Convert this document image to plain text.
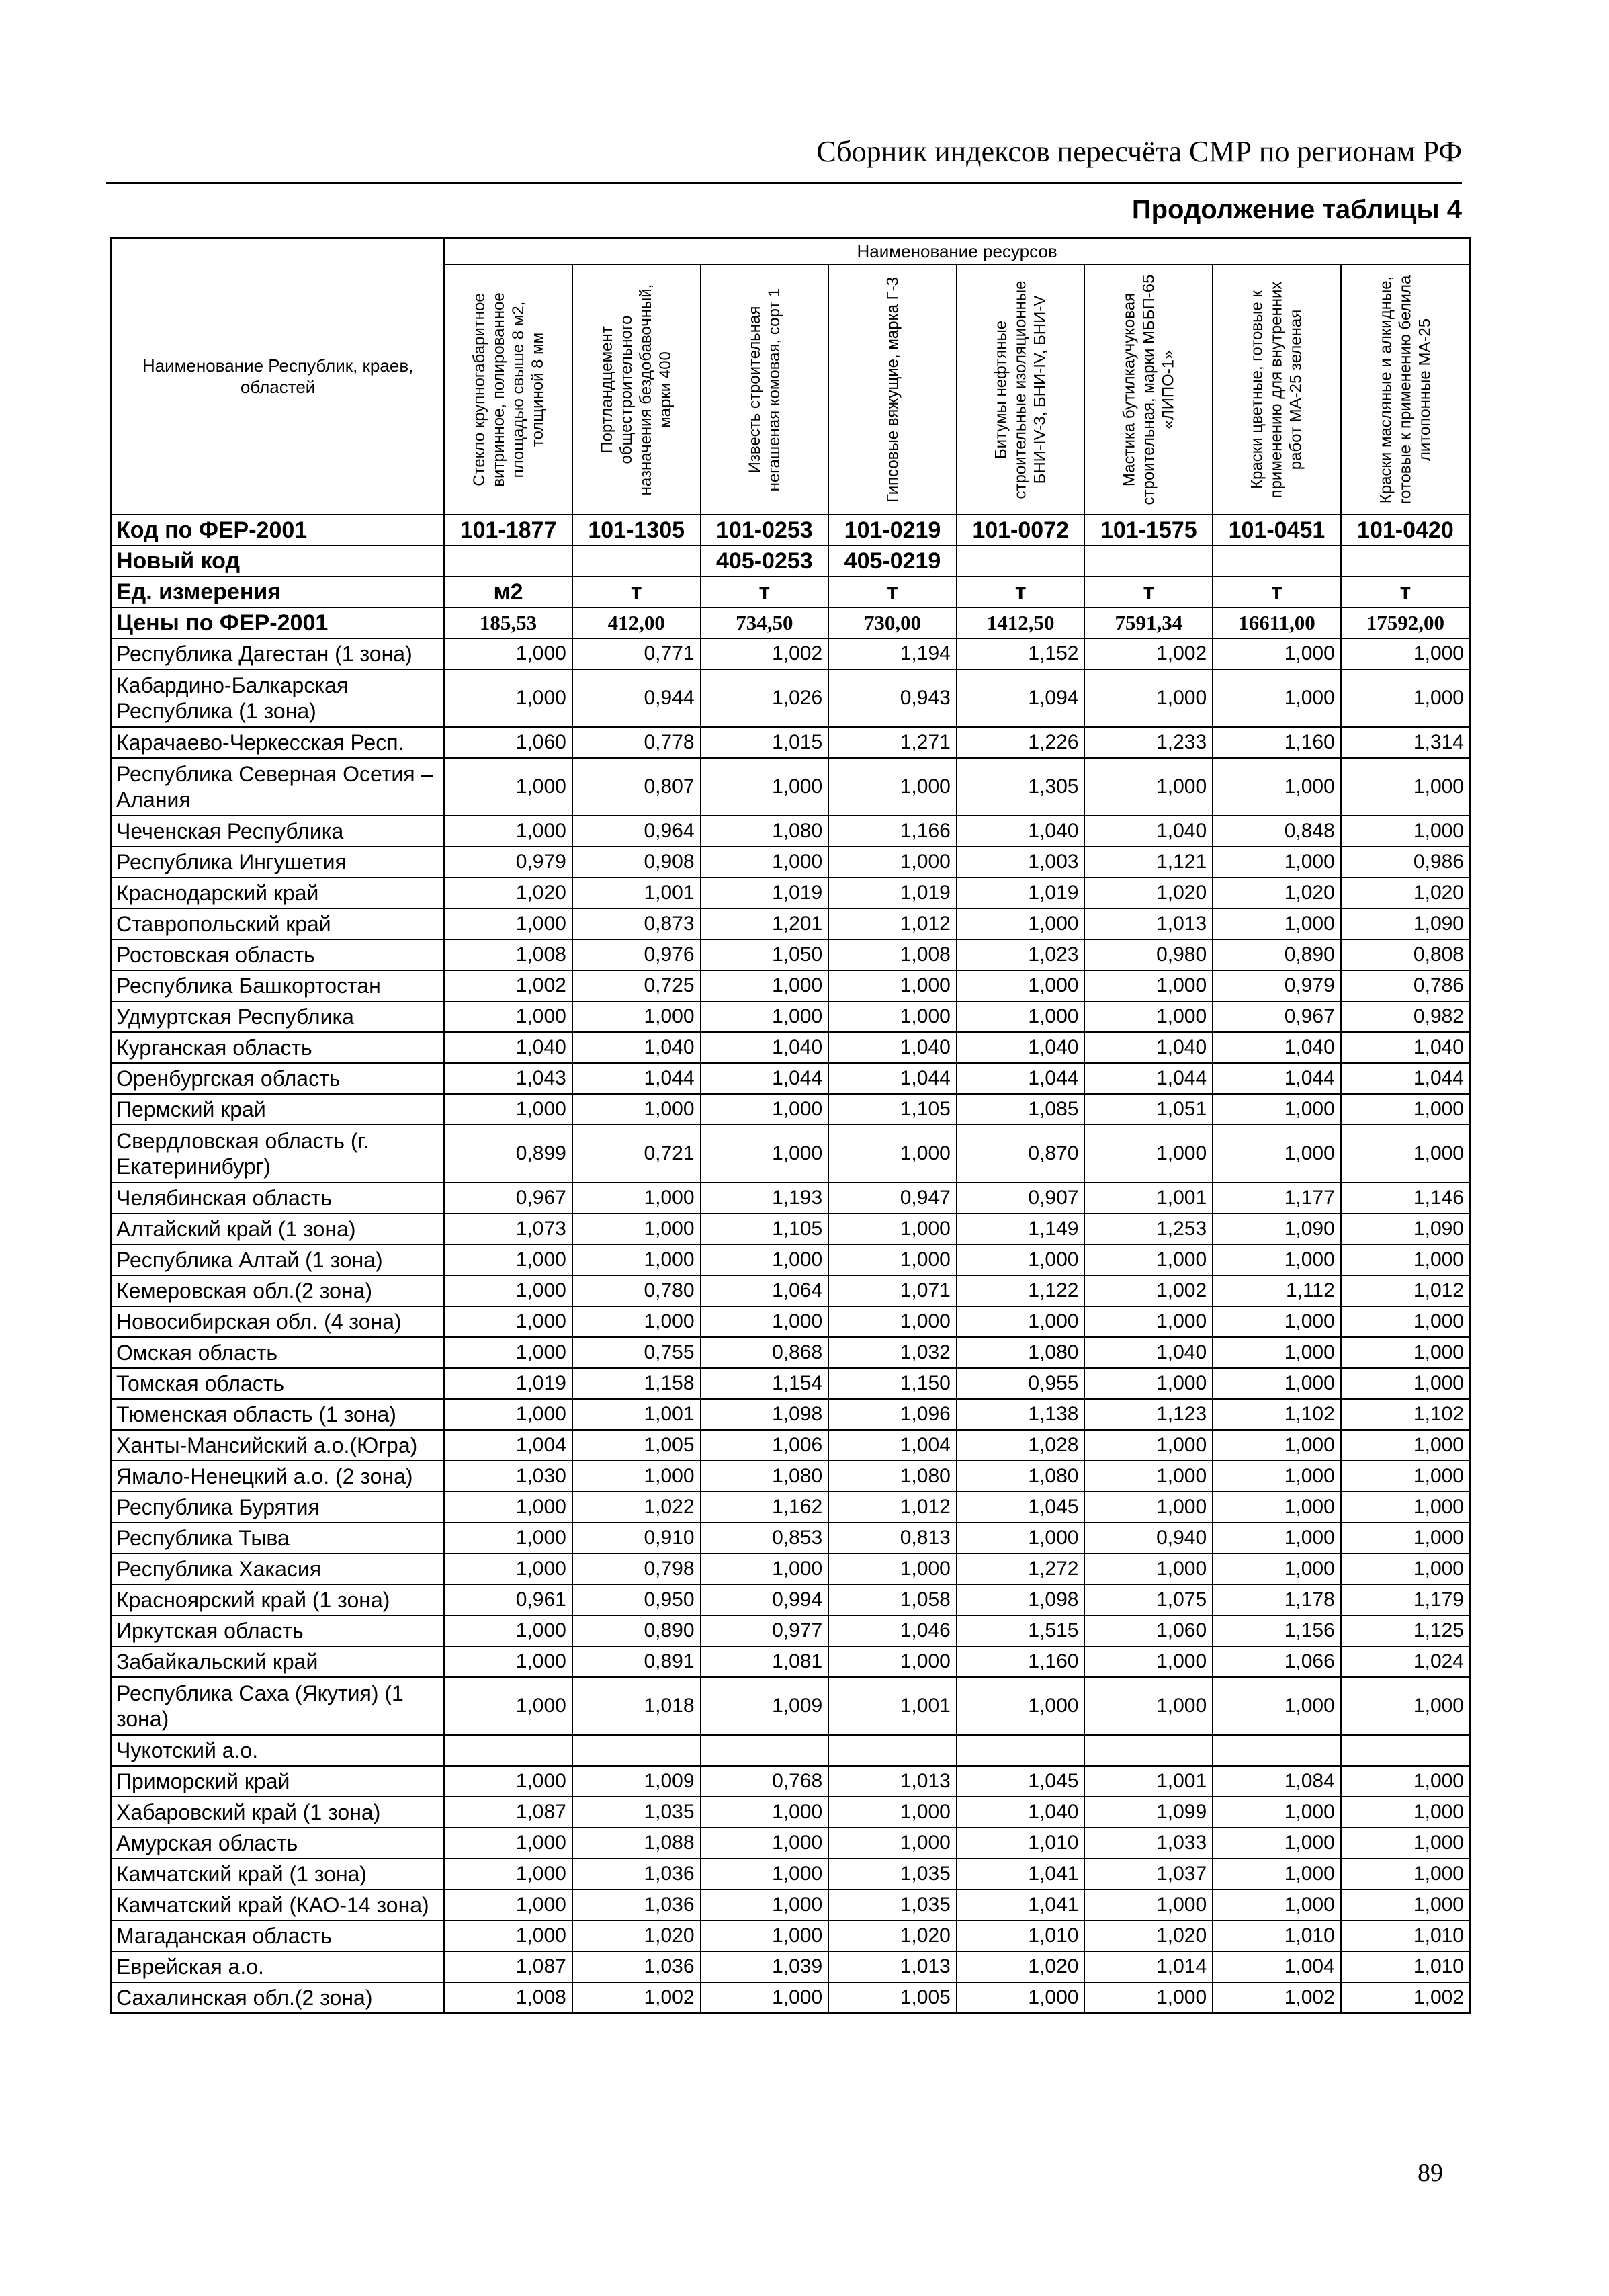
Сборник индексов пересчёта СМР по регионам РФ
Продолжение таблицы 4
Наименование Республик, краев, областей	Наименование ресурсов							

	Стекло крупногабаритное витринное, полированное площадью свыше 8 м2, толщиной 8 мм	Портландцемент общестроительного назначения бездобавочный, марки 400	Известь строительная негашеная комовая, сорт 1	Гипсовые вяжущие, марка Г-3	Битумы нефтяные строительные изоляционные БНИ-IV-3, БНИ-IV, БНИ-V	Мастика бутилкаучуковая строительная, марки МББП-65 «ЛИПО-1»	Краски цветные, готовые к применению для внутренних работ МА-25 зеленая	Краски масляные и алкидные, готовые к применению белила литопонные МА-25

Код по ФЕР-2001	101-1877	101-1305	101-0253	101-0219	101-0072	101-1575	101-0451	101-0420
Новый код			405-0253	405-0219				
Ед. измерения	м2	т	т	т	т	т	т	т
Цены по ФЕР-2001	185,53	412,00	734,50	730,00	1412,50	7591,34	16611,00	17592,00
Республика Дагестан (1 зона)	1,000	0,771	1,002	1,194	1,152	1,002	1,000	1,000
Кабардино-Балкарская Республика (1 зона)	1,000	0,944	1,026	0,943	1,094	1,000	1,000	1,000
Карачаево-Черкесская Респ.	1,060	0,778	1,015	1,271	1,226	1,233	1,160	1,314
Республика Северная Осетия – Алания	1,000	0,807	1,000	1,000	1,305	1,000	1,000	1,000
Чеченская Республика	1,000	0,964	1,080	1,166	1,040	1,040	0,848	1,000
Республика Ингушетия	0,979	0,908	1,000	1,000	1,003	1,121	1,000	0,986
Краснодарский край	1,020	1,001	1,019	1,019	1,019	1,020	1,020	1,020
Ставропольский край	1,000	0,873	1,201	1,012	1,000	1,013	1,000	1,090
Ростовская область	1,008	0,976	1,050	1,008	1,023	0,980	0,890	0,808
Республика Башкортостан	1,002	0,725	1,000	1,000	1,000	1,000	0,979	0,786
Удмуртская Республика	1,000	1,000	1,000	1,000	1,000	1,000	0,967	0,982
Курганская область	1,040	1,040	1,040	1,040	1,040	1,040	1,040	1,040
Оренбургская область	1,043	1,044	1,044	1,044	1,044	1,044	1,044	1,044
Пермский край	1,000	1,000	1,000	1,105	1,085	1,051	1,000	1,000
Свердловская область (г. Екатеринибург)	0,899	0,721	1,000	1,000	0,870	1,000	1,000	1,000
Челябинская область	0,967	1,000	1,193	0,947	0,907	1,001	1,177	1,146
Алтайский край (1 зона)	1,073	1,000	1,105	1,000	1,149	1,253	1,090	1,090
Республика Алтай (1 зона)	1,000	1,000	1,000	1,000	1,000	1,000	1,000	1,000
Кемеровская обл.(2 зона)	1,000	0,780	1,064	1,071	1,122	1,002	1,112	1,012
Новосибирская обл. (4 зона)	1,000	1,000	1,000	1,000	1,000	1,000	1,000	1,000
Омская область	1,000	0,755	0,868	1,032	1,080	1,040	1,000	1,000
Томская область	1,019	1,158	1,154	1,150	0,955	1,000	1,000	1,000
Тюменская область (1 зона)	1,000	1,001	1,098	1,096	1,138	1,123	1,102	1,102
Ханты-Мансийский а.о.(Югра)	1,004	1,005	1,006	1,004	1,028	1,000	1,000	1,000
Ямало-Ненецкий а.о. (2 зона)	1,030	1,000	1,080	1,080	1,080	1,000	1,000	1,000
Республика Бурятия	1,000	1,022	1,162	1,012	1,045	1,000	1,000	1,000
Республика Тыва	1,000	0,910	0,853	0,813	1,000	0,940	1,000	1,000
Республика Хакасия	1,000	0,798	1,000	1,000	1,272	1,000	1,000	1,000
Красноярский край (1 зона)	0,961	0,950	0,994	1,058	1,098	1,075	1,178	1,179
Иркутская область	1,000	0,890	0,977	1,046	1,515	1,060	1,156	1,125
Забайкальский край	1,000	0,891	1,081	1,000	1,160	1,000	1,066	1,024
Республика Саха (Якутия) (1 зона)	1,000	1,018	1,009	1,001	1,000	1,000	1,000	1,000
Чукотский а.о.								
Приморский край	1,000	1,009	0,768	1,013	1,045	1,001	1,084	1,000
Хабаровский край (1 зона)	1,087	1,035	1,000	1,000	1,040	1,099	1,000	1,000
Амурская область	1,000	1,088	1,000	1,000	1,010	1,033	1,000	1,000
Камчатский край (1 зона)	1,000	1,036	1,000	1,035	1,041	1,037	1,000	1,000
Камчатский край (КАО-14 зона)	1,000	1,036	1,000	1,035	1,041	1,000	1,000	1,000
Магаданская область	1,000	1,020	1,000	1,020	1,010	1,020	1,010	1,010
Еврейская а.о.	1,087	1,036	1,039	1,013	1,020	1,014	1,004	1,010
Сахалинская обл.(2 зона)	1,008	1,002	1,000	1,005	1,000	1,000	1,002	1,002
89
